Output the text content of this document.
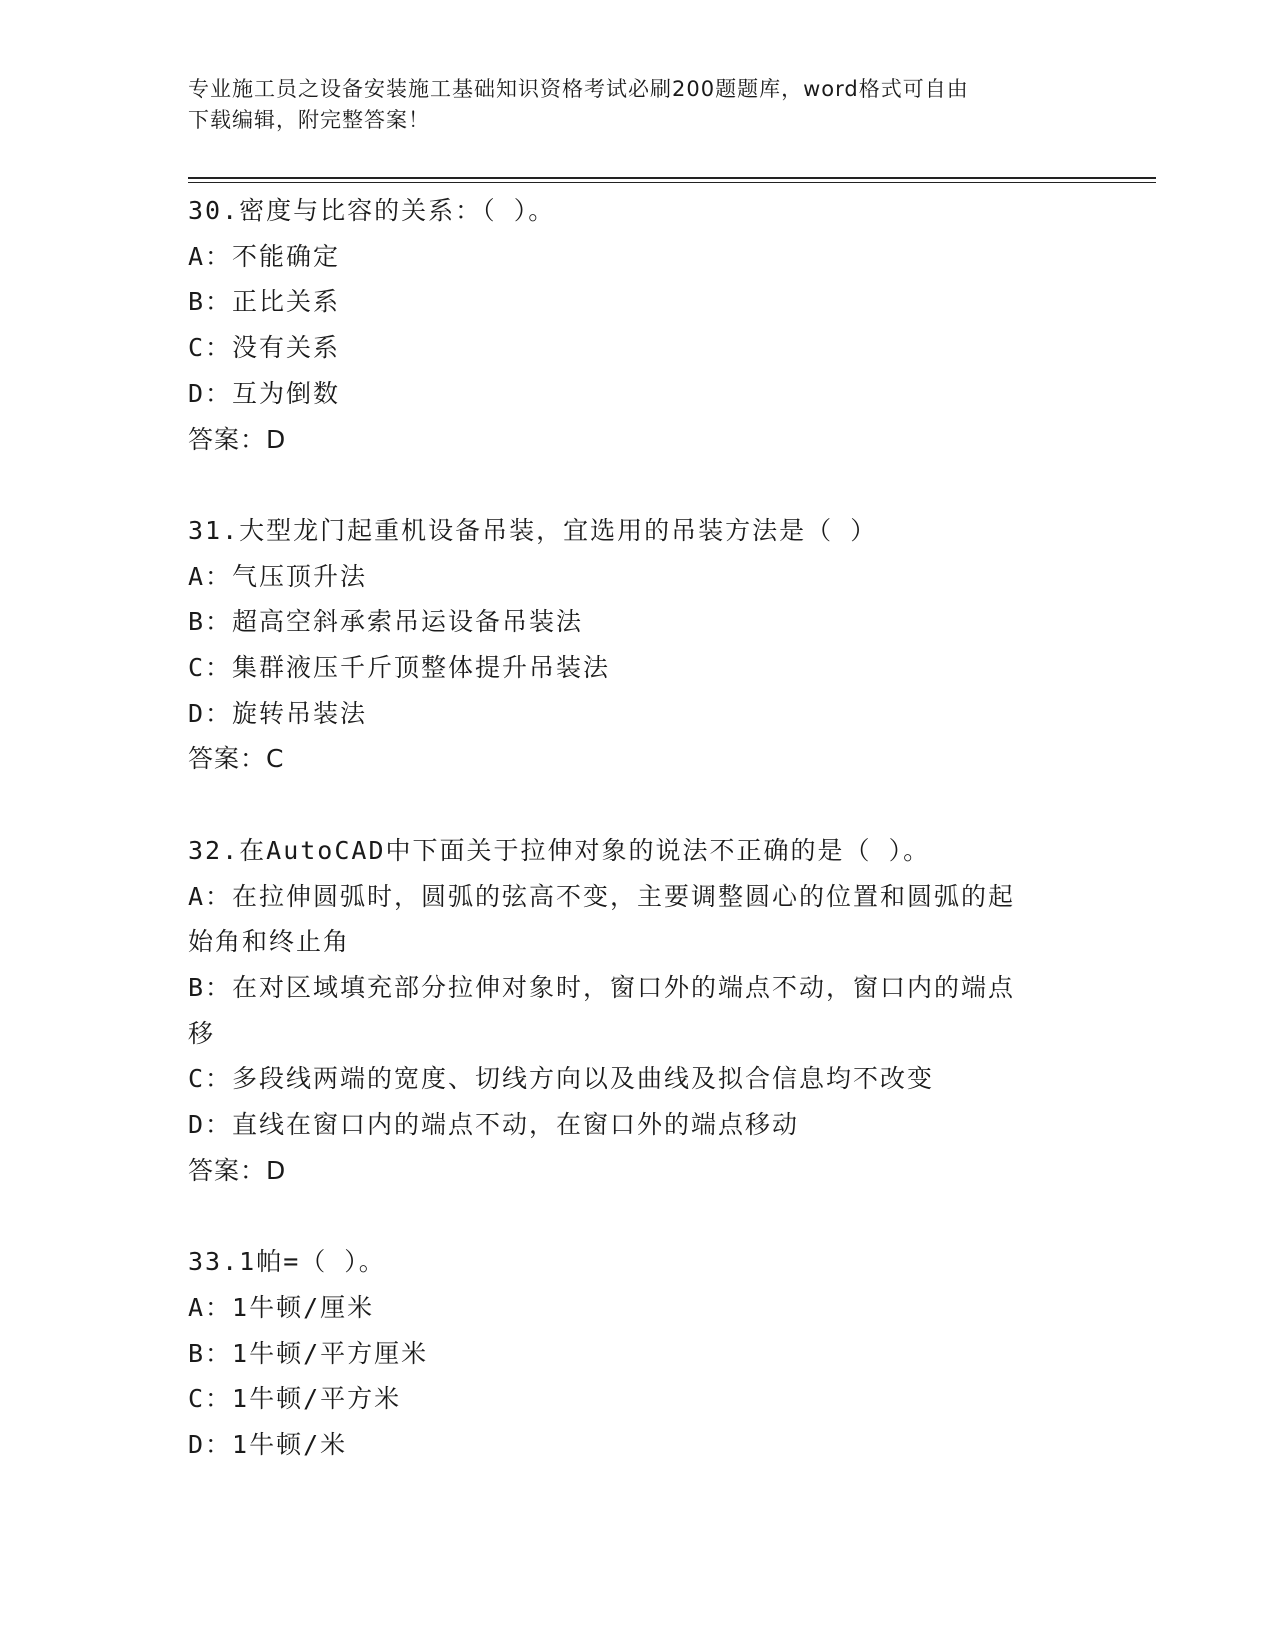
专业施工员之设备安装施工基础知识资格考试必刷200题题库，word格式可自由
下载编辑，附完整答案！
30.密度与比容的关系：（ ）。
A：不能确定
B：正比关系
C：没有关系
D：互为倒数
答案：D
31.大型龙门起重机设备吊装，宜选用的吊装方法是（ ）
A：气压顶升法
B：超高空斜承索吊运设备吊装法
C：集群液压千斤顶整体提升吊装法
D：旋转吊装法
答案：C
32.在AutoCAD中下面关于拉伸对象的说法不正确的是（ ）。
A：在拉伸圆弧时，圆弧的弦高不变，主要调整圆心的位置和圆弧的起
始角和终止角
B：在对区域填充部分拉伸对象时，窗口外的端点不动，窗口内的端点
移
C：多段线两端的宽度、切线方向以及曲线及拟合信息均不改变
D：直线在窗口内的端点不动，在窗口外的端点移动
答案：D
33.1帕=（ ）。
A：1牛顿/厘米
B：1牛顿/平方厘米
C：1牛顿/平方米
D：1牛顿/米
